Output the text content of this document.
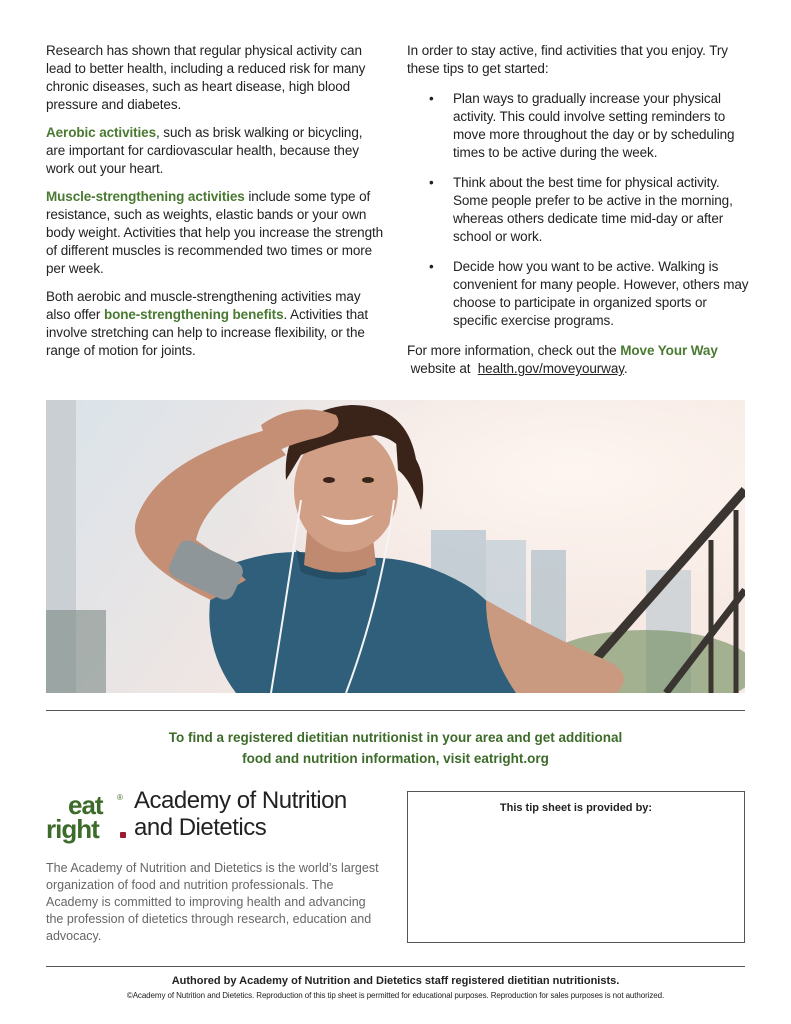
Research has shown that regular physical activity can lead to better health, including a reduced risk for many chronic diseases, such as heart disease, high blood pressure and diabetes.

Aerobic activities, such as brisk walking or bicycling, are important for cardiovascular health, because they work out your heart.

Muscle-strengthening activities include some type of resistance, such as weights, elastic bands or your own body weight. Activities that help you increase the strength of different muscles is recommended two times or more per week.

Both aerobic and muscle-strengthening activities may also offer bone-strengthening benefits. Activities that involve stretching can help to increase flexibility, or the range of motion for joints.

In order to stay active, find activities that you enjoy. Try these tips to get started:

• Plan ways to gradually increase your physical activity. This could involve setting reminders to move more throughout the day or by scheduling times to be active during the week.
• Think about the best time for physical activity. Some people prefer to be active in the morning, whereas others dedicate time mid-day or after school or work.
• Decide how you want to be active. Walking is convenient for many people. However, others may choose to participate in organized sports or specific exercise programs.

For more information, check out the Move Your Way website at  health.gov/moveyourway.

To find a registered dietitian nutritionist in your area and get additional
food and nutrition information, visit eatright.org
eat ®
right
Academy of Nutrition
and Dietetics
The Academy of Nutrition and Dietetics is the world’s largest organization of food and nutrition professionals. The Academy is committed to improving health and advancing the profession of dietetics through research, education and advocacy.
This tip sheet is provided by:
Authored by Academy of Nutrition and Dietetics staff registered dietitian nutritionists.
©Academy of Nutrition and Dietetics. Reproduction of this tip sheet is permitted for educational purposes. Reproduction for sales purposes is not authorized.
